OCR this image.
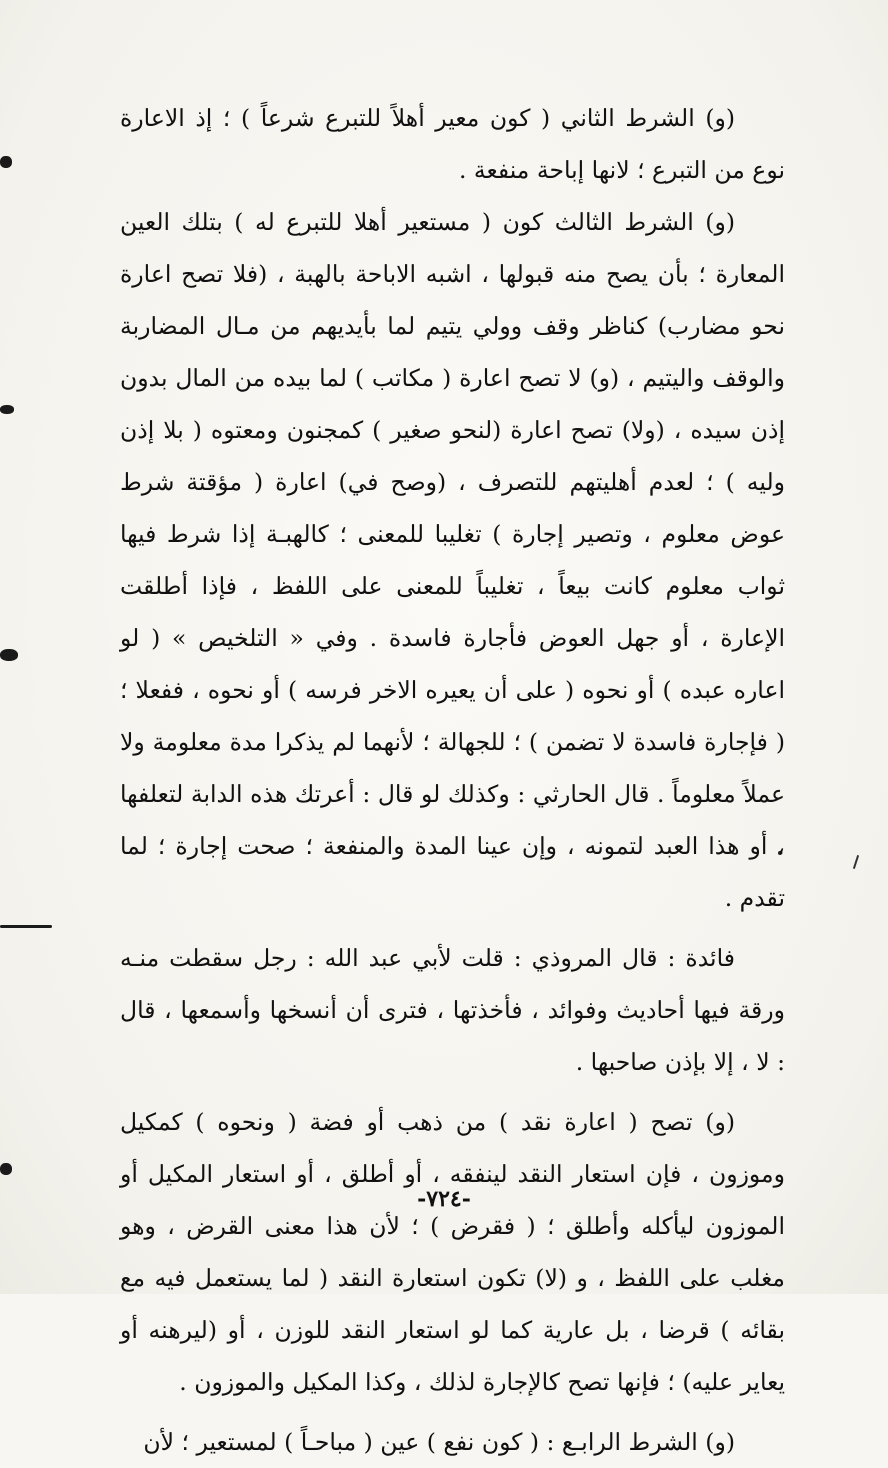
(و) الشرط الثاني ( كون معير أهلاً للتبرع شرعاً ) ؛ إذ الاعارة نوع من التبرع ؛ لانها إباحة منفعة .

(و) الشرط الثالث كون ( مستعير أهلا للتبرع له ) بتلك العين المعارة ؛ بأن يصح منه قبولها ، اشبه الاباحة بالهبة ، (فلا تصح اعارة نحو مضارب) كناظر وقف وولي يتيم لما بأيديهم من مـال المضاربة والوقف واليتيم ، (و) لا تصح اعارة ( مكاتب ) لما بيده من المال بدون إذن سيده ، (ولا) تصح اعارة (لنحو صغير ) كمجنون ومعتوه ( بلا إذن وليه ) ؛ لعدم أهليتهم للتصرف ، (وصح في) اعارة ( مؤقتة شرط عوض معلوم ، وتصير إجارة ) تغليبا للمعنى ؛ كالهبـة إذا شرط فيها ثواب معلوم كانت بيعاً ، تغليباً للمعنى على اللفظ ، فإذا أطلقت الإعارة ، أو جهل العوض فأجارة فاسدة . وفي « التلخيص » ( لو اعاره عبده ) أو نحوه ( على أن يعيره الاخر فرسه ) أو نحوه ، ففعلا ؛ ( فإجارة فاسدة لا تضمن ) ؛ للجهالة ؛ لأنهما لم يذكرا مدة معلومة ولا عملاً معلوماً . قال الحارثي : وكذلك لو قال : أعرتك هذه الدابة لتعلفها ، أو هذا العبد لتمونه ، وإن عينا المدة والمنفعة ؛ صحت إجارة ؛ لما تقدم .

فائدة : قال المروذي : قلت لأبي عبد الله : رجل سقطت منـه ورقة فيها أحاديث وفوائد ، فأخذتها ، فترى أن أنسخها وأسمعها ، قال : لا ، إلا بإذن صاحبها .

(و) تصح ( اعارة نقد ) من ذهب أو فضة ( ونحوه ) كمكيل وموزون ، فإن استعار النقد لينفقه ، أو أطلق ، أو استعار المكيل أو الموزون ليأكله وأطلق ؛ ( فقرض ) ؛ لأن هذا معنى القرض ، وهو مغلب على اللفظ ، و (لا) تكون استعارة النقد ( لما يستعمل فيه مع بقائه ) قرضا ، بل عارية كما لو استعار النقد للوزن ، أو (ليرهنه أو يعاير عليه) ؛ فإنها تصح كالإجارة لذلك ، وكذا المكيل والموزون .

(و) الشرط الرابـع : ( كون نفع ) عين ( مباحـاً ) لمستعير ؛ لأن

-٧٢٤-
